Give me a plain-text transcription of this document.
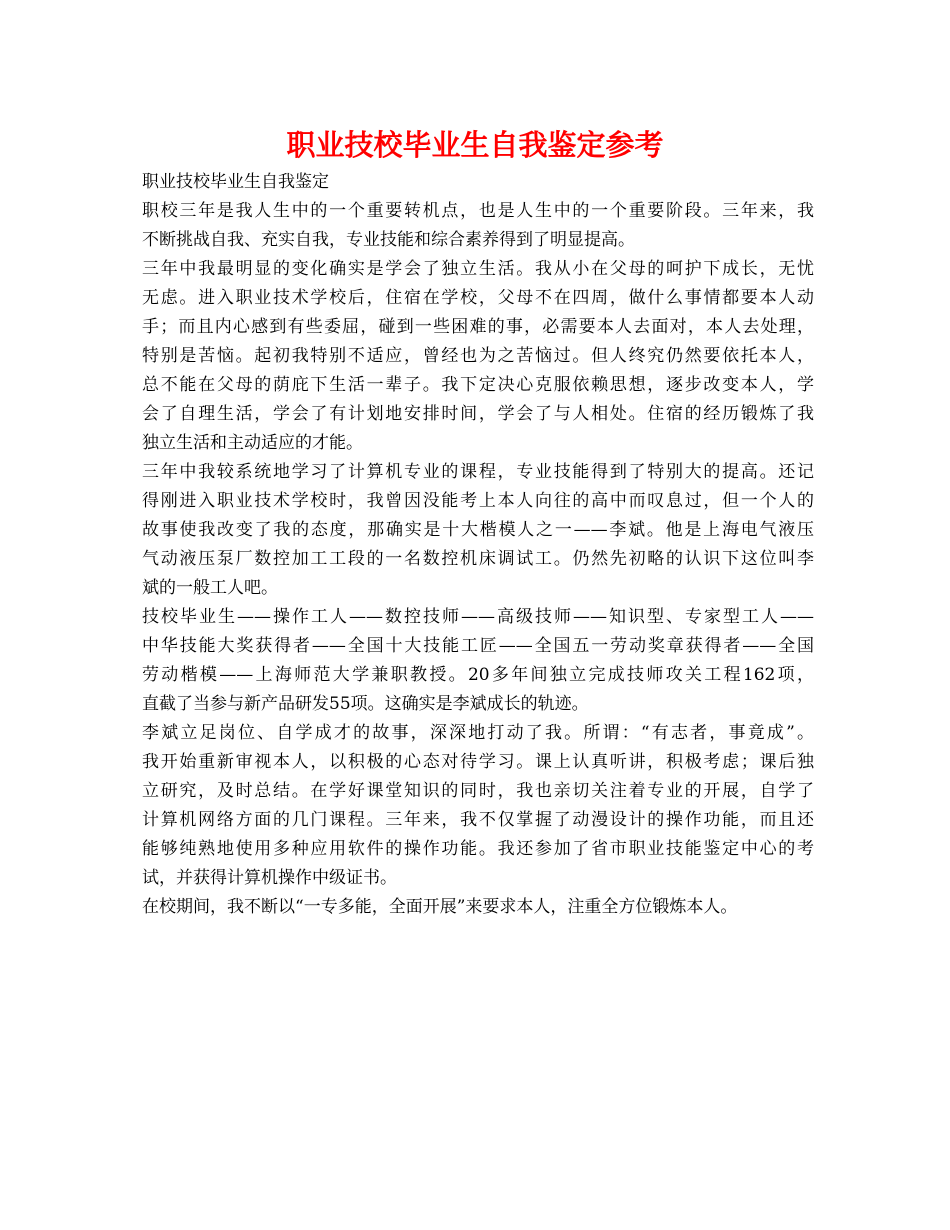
职业技校毕业生自我鉴定参考

职业技校毕业生自我鉴定

职校三年是我人生中的一个重要转机点，也是人生中的一个重要阶段。三年来，我
不断挑战自我、充实自我，专业技能和综合素养得到了明显提高。

三年中我最明显的变化确实是学会了独立生活。我从小在父母的呵护下成长，无忧
无虑。进入职业技术学校后，住宿在学校，父母不在四周，做什么事情都要本人动
手；而且内心感到有些委屈，碰到一些困难的事，必需要本人去面对，本人去处理，
特别是苦恼。起初我特别不适应，曾经也为之苦恼过。但人终究仍然要依托本人，
总不能在父母的荫庇下生活一辈子。我下定决心克服依赖思想，逐步改变本人，学
会了自理生活，学会了有计划地安排时间，学会了与人相处。住宿的经历锻炼了我
独立生活和主动适应的才能。

三年中我较系统地学习了计算机专业的课程，专业技能得到了特别大的提高。还记
得刚进入职业技术学校时，我曾因没能考上本人向往的高中而叹息过，但一个人的
故事使我改变了我的态度，那确实是十大楷模人之一——李斌。他是上海电气液压
气动液压泵厂数控加工工段的一名数控机床调试工。仍然先初略的认识下这位叫李
斌的一般工人吧。

技校毕业生——操作工人——数控技师——高级技师——知识型、专家型工人——
中华技能大奖获得者——全国十大技能工匠——全国五一劳动奖章获得者——全国
劳动楷模——上海师范大学兼职教授。20多年间独立完成技师攻关工程162项，
直截了当参与新产品研发55项。这确实是李斌成长的轨迹。

李斌立足岗位、自学成才的故事，深深地打动了我。所谓：“有志者，事竟成”。
我开始重新审视本人，以积极的心态对待学习。课上认真听讲，积极考虑；课后独
立研究，及时总结。在学好课堂知识的同时，我也亲切关注着专业的开展，自学了
计算机网络方面的几门课程。三年来，我不仅掌握了动漫设计的操作功能，而且还
能够纯熟地使用多种应用软件的操作功能。我还参加了省市职业技能鉴定中心的考
试，并获得计算机操作中级证书。

在校期间，我不断以“一专多能，全面开展”来要求本人，注重全方位锻炼本人。
